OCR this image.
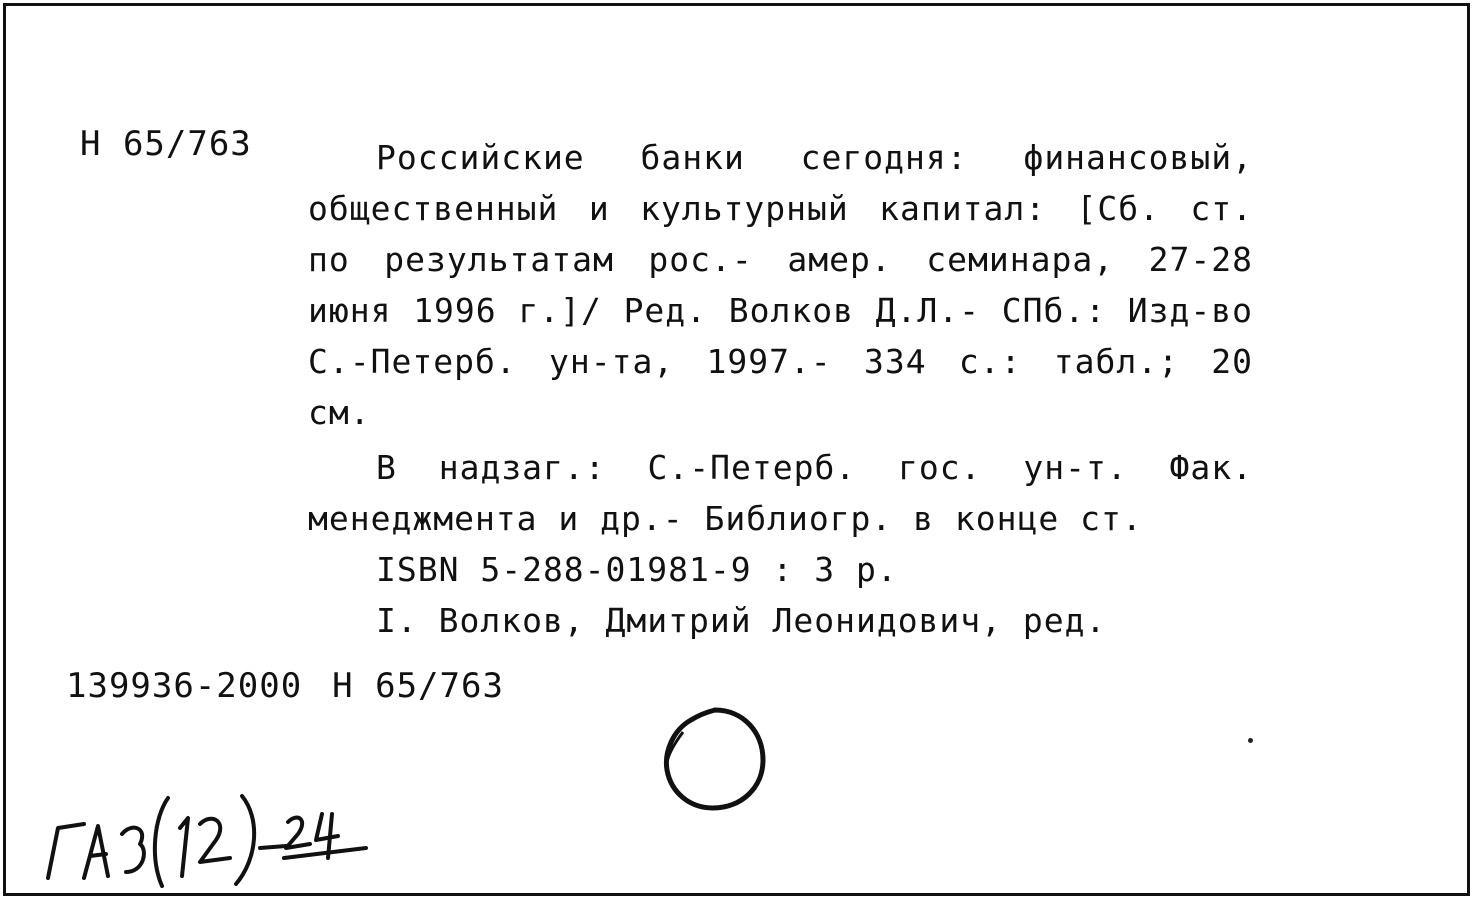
Н 65/763	Российские банки сегодня: финансовый, общественный и культурный капитал: [Сб. ст. по результатам рос.- амер. семинара, 27-28 июня 1996 г.]/ Ред. Волков Д.Л.- СПб.: Изд-во С.-Петерб. ун-та, 1997.- 334 с.: табл.; 20 см.

В надзаг.: С.-Петерб. гос. ун-т. Фак. менеджмента и др.- Библиогр. в конце ст.

ISBN 5-288-01981-9 : 3 р.

I. Волков, Дмитрий Леонидович, ред.

139936-2000 Н 65/763
